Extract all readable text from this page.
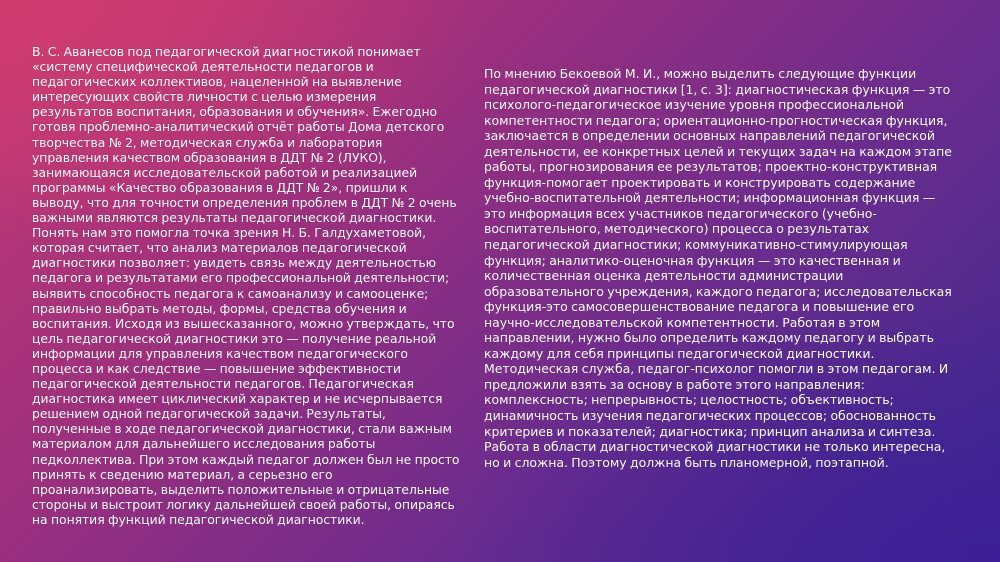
В. С. Аванесов под педагогической диагностикой понимает «систему специфической деятельности педагогов и педагогических коллективов, нацеленной на выявление интересующих свойств личности с целью измерения результатов воспитания, образования и обучения». Ежегодно готовя проблемно-аналитический отчёт работы Дома детского творчества № 2, методическая служба и лаборатория управления качеством образования в ДДТ № 2 (ЛУКО), занимающаяся исследовательской работой и реализацией программы «Качество образования в ДДТ № 2», пришли к выводу, что для точности определения проблем в ДДТ № 2 очень важными являются результаты педагогической диагностики. Понять нам это помогла точка зрения Н. Б. Галдухаметовой, которая считает, что анализ материалов педагогической диагностики позволяет: увидеть связь между деятельностью педагога и результатами его профессиональной деятельности; выявить способность педагога к самоанализу и самооценке; правильно выбрать методы, формы, средства обучения и воспитания. Исходя из вышесказанного, можно утверждать, что цель педагогической диагностики это — получение реальной информации для управления качеством педагогического процесса и как следствие — повышение эффективности педагогической деятельности педагогов. Педагогическая диагностика имеет циклический характер и не исчерпывается решением одной педагогической задачи. Результаты, полученные в ходе педагогической диагностики, стали важным материалом для дальнейшего исследования работы педколлектива. При этом каждый педагог должен был не просто принять к сведению материал, а серьезно его проанализировать, выделить положительные и отрицательные стороны и выстроит логику дальнейшей своей работы, опираясь на понятия функций педагогической диагностики.
По мнению Бекоевой М. И., можно выделить следующие функции педагогической диагностики [1, с. 3]: диагностическая функция — это психолого-педагогическое изучение уровня профессиональной компетентности педагога; ориентационно-прогностическая функция, заключается в определении основных направлений педагогической деятельности, ее конкретных целей и текущих задач на каждом этапе работы, прогнозирования ее результатов; проектно-конструктивная функция-помогает проектировать и конструировать содержание учебно-воспитательной деятельности; информационная функция — это информация всех участников педагогического (учебно-воспитательного, методического) процесса о результатах педагогической диагностики; коммуникативно-стимулирующая функция; аналитико-оценочная функция — это качественная и количественная оценка деятельности администрации образовательного учреждения, каждого педагога; исследовательская функция-это самосовершенствование педагога и повышение его научно-исследовательской компетентности. Работая в этом направлении, нужно было определить каждому педагогу и выбрать каждому для себя принципы педагогической диагностики. Методическая служба, педагог-психолог помогли в этом педагогам. И предложили взять за основу в работе этого направления: комплексность; непрерывность; целостность; объективность; динамичность изучения педагогических процессов; обоснованность критериев и показателей; диагностика; принцип анализа и синтеза. Работа в области диагностической диагностики не только интересна, но и сложна. Поэтому должна быть планомерной, поэтапной.
